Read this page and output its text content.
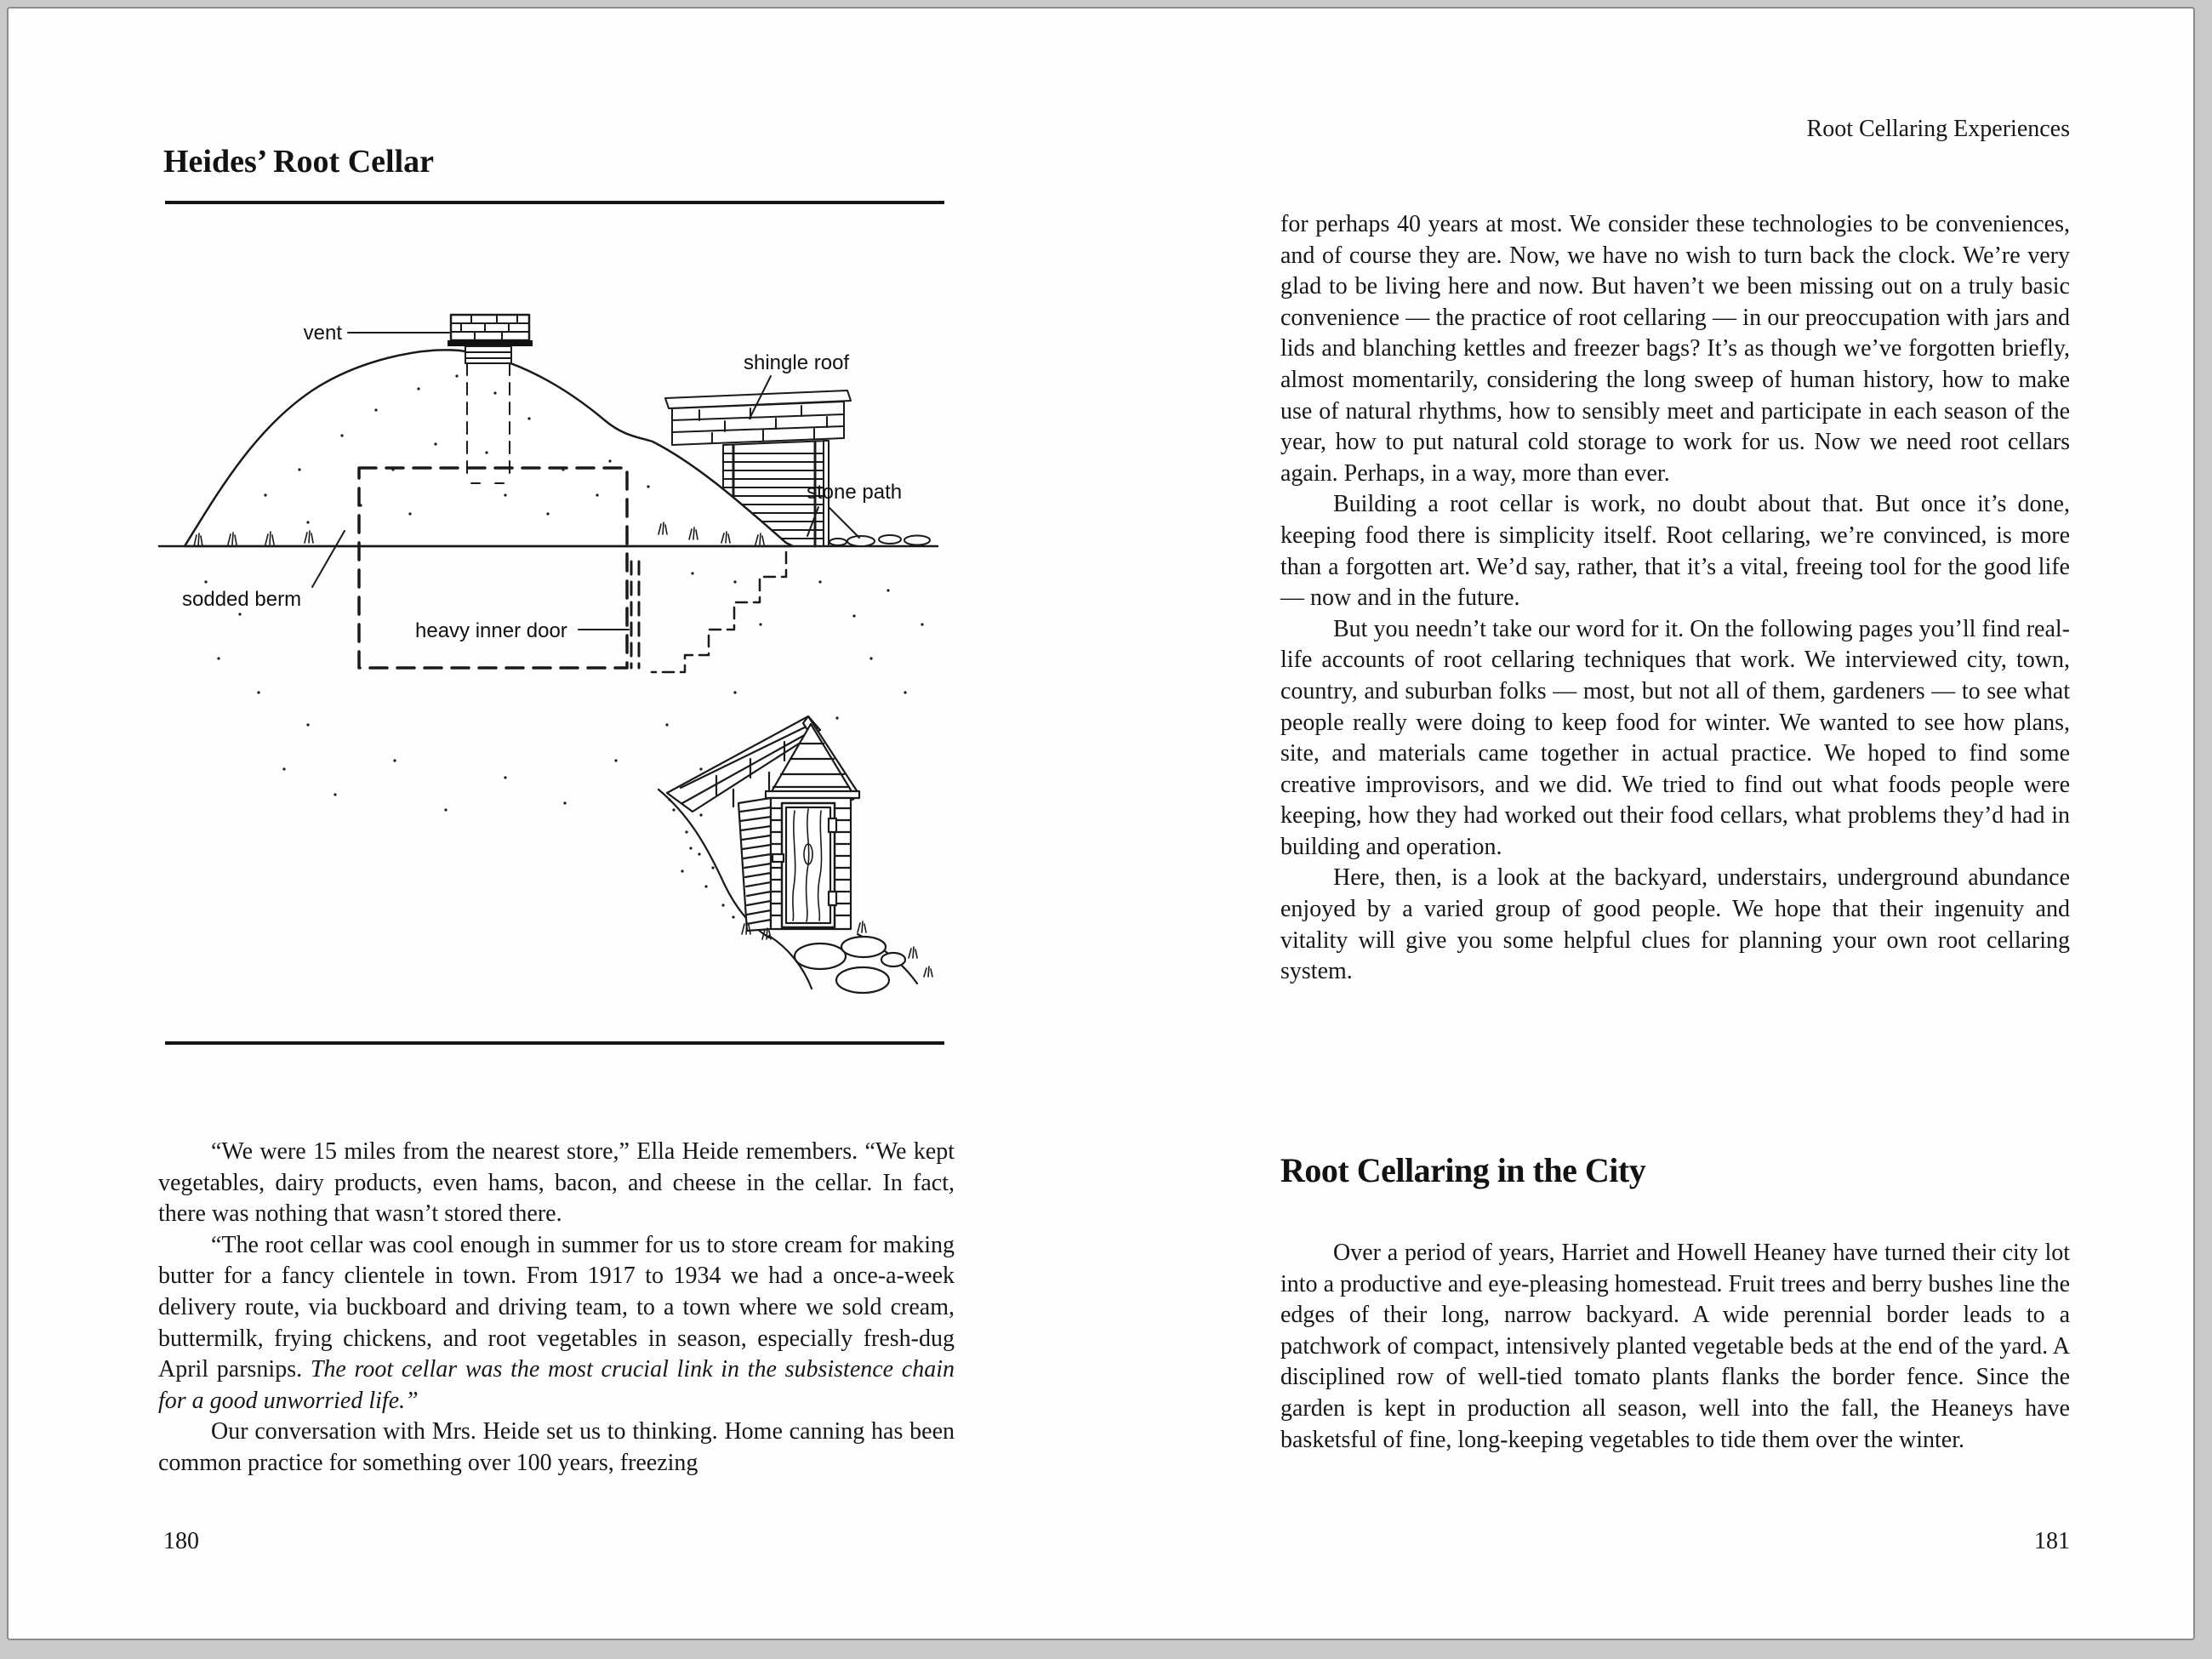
Heides’ Root Cellar
vent
shingle roof
stone path
sodded berm
heavy inner door

“We were 15 miles from the nearest store,” Ella Heide remembers. “We kept vegetables, dairy products, even hams, bacon, and cheese in the cellar. In fact, there was nothing that wasn’t stored there.

“The root cellar was cool enough in summer for us to store cream for making butter for a fancy clientele in town. From 1917 to 1934 we had a once-a-week delivery route, via buckboard and driving team, to a town where we sold cream, buttermilk, frying chickens, and root vegetables in season, especially fresh-dug April parsnips. The root cellar was the most crucial link in the subsistence chain for a good unworried life.”

Our conversation with Mrs. Heide set us to thinking. Home canning has been common practice for something over 100 years, freezing

180
Root Cellaring Experiences

for perhaps 40 years at most. We consider these technologies to be conveniences, and of course they are. Now, we have no wish to turn back the clock. We’re very glad to be living here and now. But haven’t we been missing out on a truly basic convenience — the practice of root cellaring — in our preoccupation with jars and lids and blanching kettles and freezer bags? It’s as though we’ve forgotten briefly, almost momentarily, considering the long sweep of human history, how to make use of natural rhythms, how to sensibly meet and participate in each season of the year, how to put natural cold storage to work for us. Now we need root cellars again. Perhaps, in a way, more than ever.

Building a root cellar is work, no doubt about that. But once it’s done, keeping food there is simplicity itself. Root cellaring, we’re convinced, is more than a forgotten art. We’d say, rather, that it’s a vital, freeing tool for the good life — now and in the future.

But you needn’t take our word for it. On the following pages you’ll find real-life accounts of root cellaring techniques that work. We interviewed city, town, country, and suburban folks — most, but not all of them, gardeners — to see what people really were doing to keep food for winter. We wanted to see how plans, site, and materials came together in actual practice. We hoped to find some creative improvisors, and we did. We tried to find out what foods people were keeping, how they had worked out their food cellars, what problems they’d had in building and operation.

Here, then, is a look at the backyard, understairs, underground abundance enjoyed by a varied group of good people. We hope that their ingenuity and vitality will give you some helpful clues for planning your own root cellaring system.

Root Cellaring in the City

Over a period of years, Harriet and Howell Heaney have turned their city lot into a productive and eye-pleasing homestead. Fruit trees and berry bushes line the edges of their long, narrow backyard. A wide perennial border leads to a patchwork of compact, intensively planted vegetable beds at the end of the yard. A disciplined row of well-tied tomato plants flanks the border fence. Since the garden is kept in production all season, well into the fall, the Heaneys have basketsful of fine, long-keeping vegetables to tide them over the winter.

181
